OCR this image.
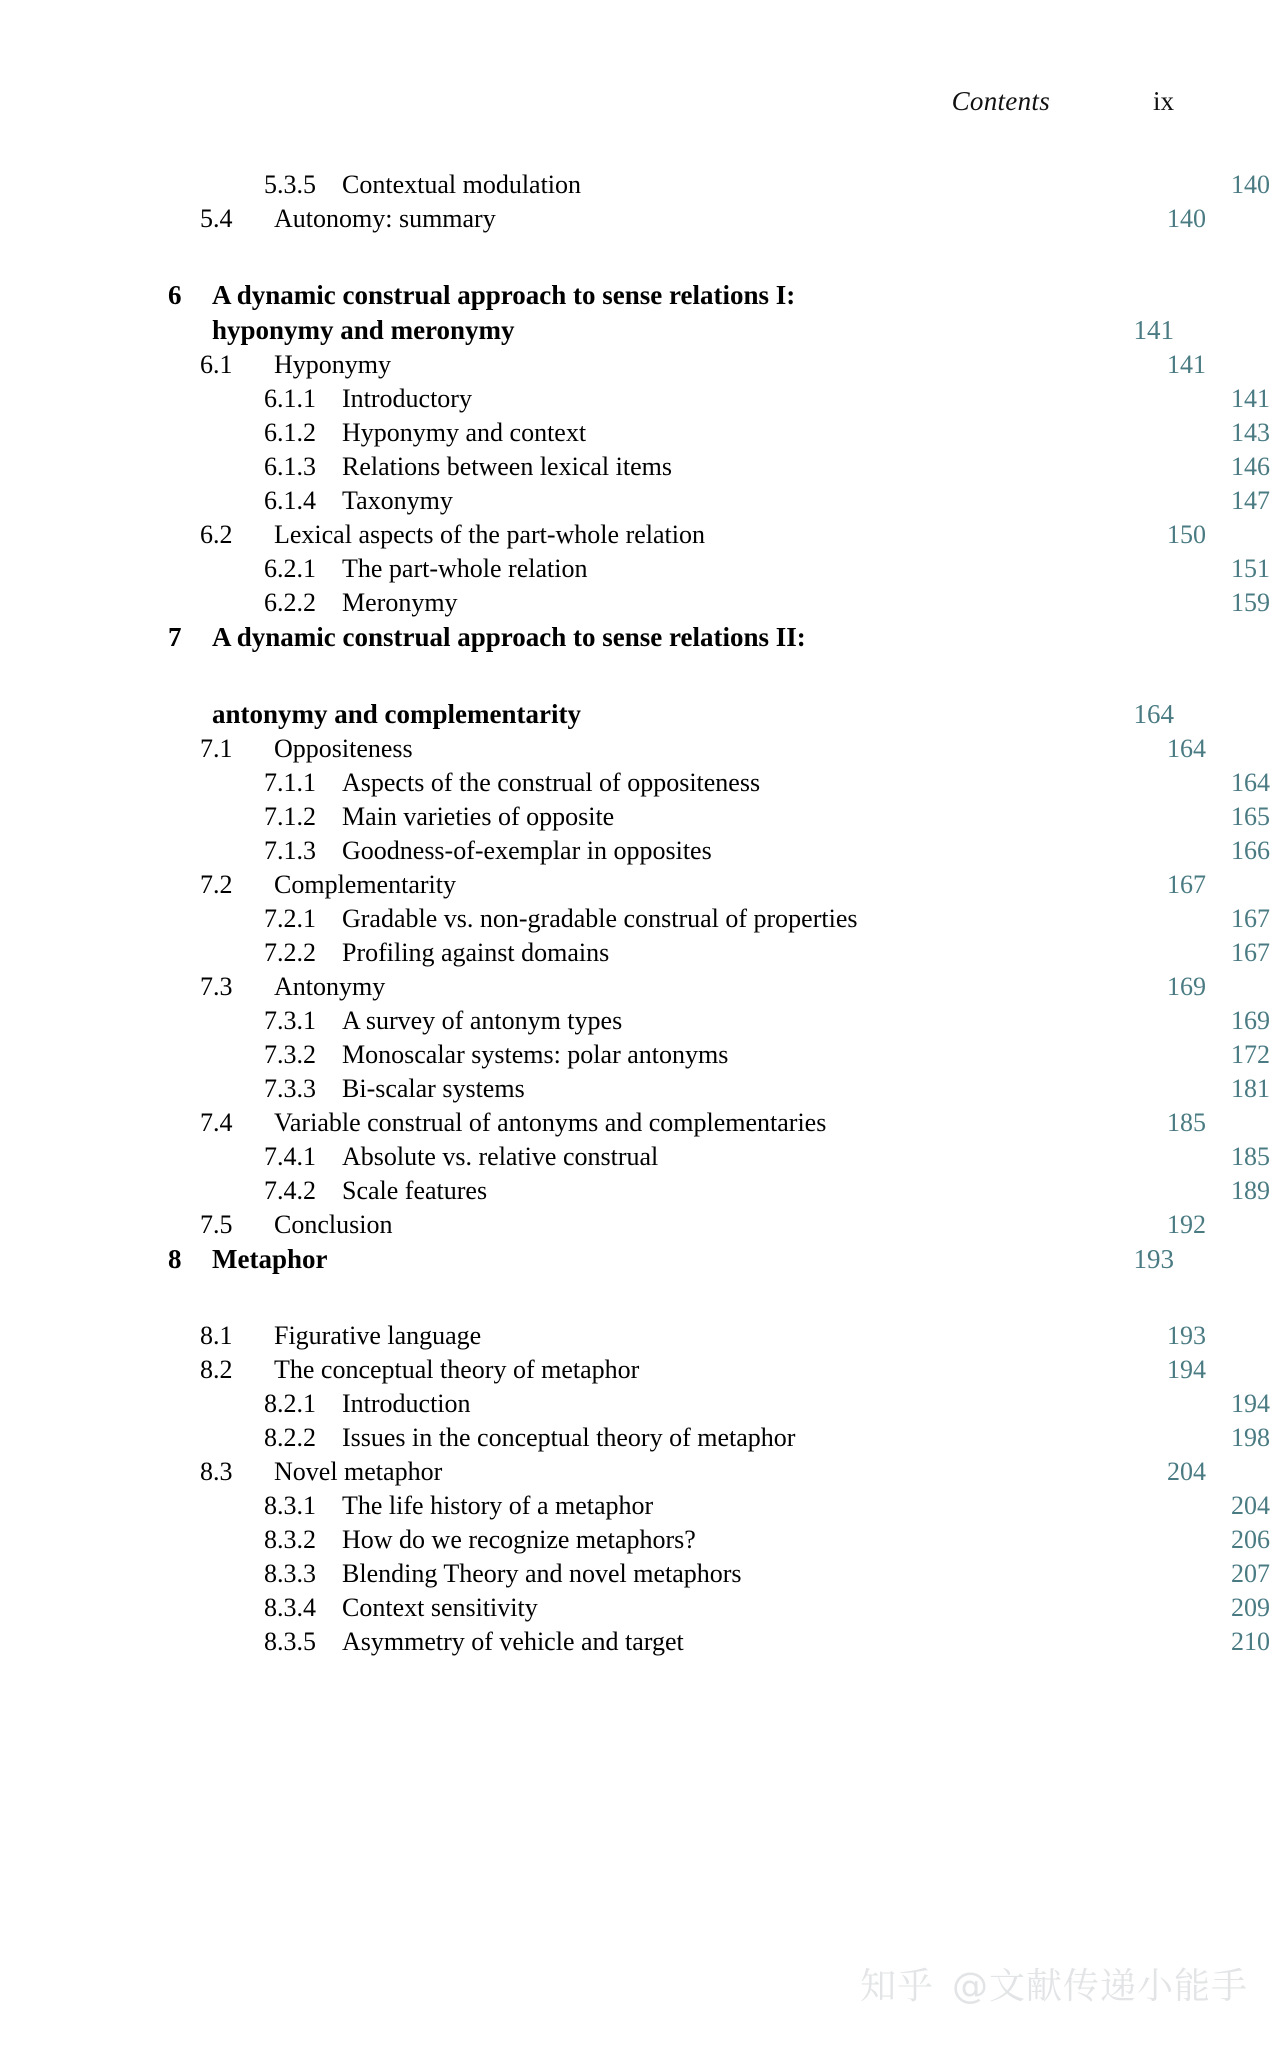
Contents	ix
5.3.5	Contextual modulation	140
5.4	Autonomy: summary	140
6	A dynamic construal approach to sense relations I:
hyponymy and meronymy	141
6.1	Hyponymy	141
6.1.1	Introductory	141
6.1.2	Hyponymy and context	143
6.1.3	Relations between lexical items	146
6.1.4	Taxonymy	147
6.2	Lexical aspects of the part-whole relation	150
6.2.1	The part-whole relation	151
6.2.2	Meronymy	159
7	A dynamic construal approach to sense relations II:
antonymy and complementarity	164
7.1	Oppositeness	164
7.1.1	Aspects of the construal of oppositeness	164
7.1.2	Main varieties of opposite	165
7.1.3	Goodness-of-exemplar in opposites	166
7.2	Complementarity	167
7.2.1	Gradable vs. non-gradable construal of properties	167
7.2.2	Profiling against domains	167
7.3	Antonymy	169
7.3.1	A survey of antonym types	169
7.3.2	Monoscalar systems: polar antonyms	172
7.3.3	Bi-scalar systems	181
7.4	Variable construal of antonyms and complementaries	185
7.4.1	Absolute vs. relative construal	185
7.4.2	Scale features	189
7.5	Conclusion	192
8	Metaphor	193
8.1	Figurative language	193
8.2	The conceptual theory of metaphor	194
8.2.1	Introduction	194
8.2.2	Issues in the conceptual theory of metaphor	198
8.3	Novel metaphor	204
8.3.1	The life history of a metaphor	204
8.3.2	How do we recognize metaphors?	206
8.3.3	Blending Theory and novel metaphors	207
8.3.4	Context sensitivity	209
8.3.5	Asymmetry of vehicle and target	210
知乎 @文献传递小能手
